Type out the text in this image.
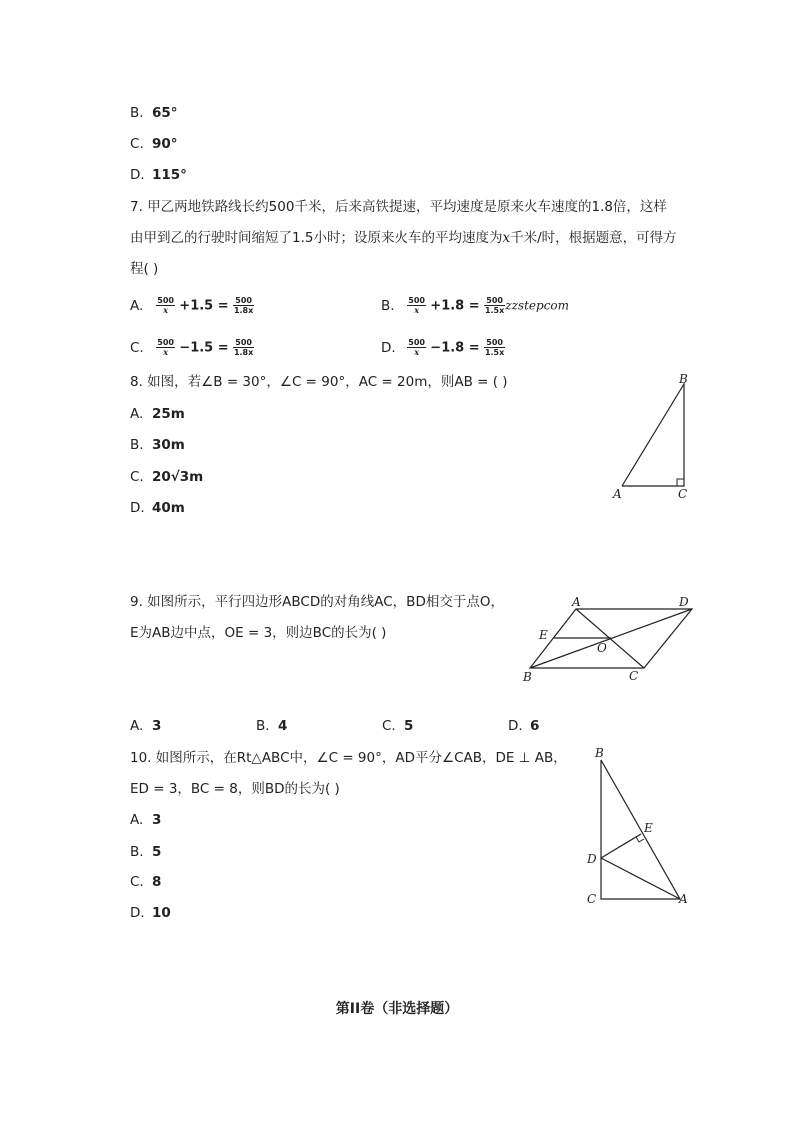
B. 65°
C. 90°
D. 115°
7. 甲乙两地铁路线长约500千米，后来高铁提速，平均速度是原来火车速度的1.8倍，这样
由甲到乙的行驶时间缩短了1.5小时；设原来火车的平均速度为x千米/时，根据题意，可得方
程( )
A. $\frac{500}{x} +1.5 = \frac{500}{1.8x}$	B. $\frac{500}{x} +1.8 = \frac{500}{1.5x}$ zzstepcom
C. $\frac{500}{x} -1.5 = \frac{500}{1.8x}$	D. $\frac{500}{x} -1.8 = \frac{500}{1.5x}$
8. 如图，若∠B = 30°，∠C = 90°，AC = 20m，则AB = ( )
A. 25m
B. 30m
C. 20√3m
D. 40m
B
A	C
9. 如图所示，平行四边形ABCD的对角线AC，BD相交于点O，
E为AB边中点，OE = 3，则边BC的长为( )
A	D
E
O
B	C
A. 3	B. 4	C. 5	D. 6
10. 如图所示，在Rt△ABC中，∠C = 90°，AD平分∠CAB，DE ⊥ AB，
ED = 3，BC = 8，则BD的长为( )
A. 3
B. 5
C. 8
D. 10
B
E
D
C	A
第II卷（非选择题）
